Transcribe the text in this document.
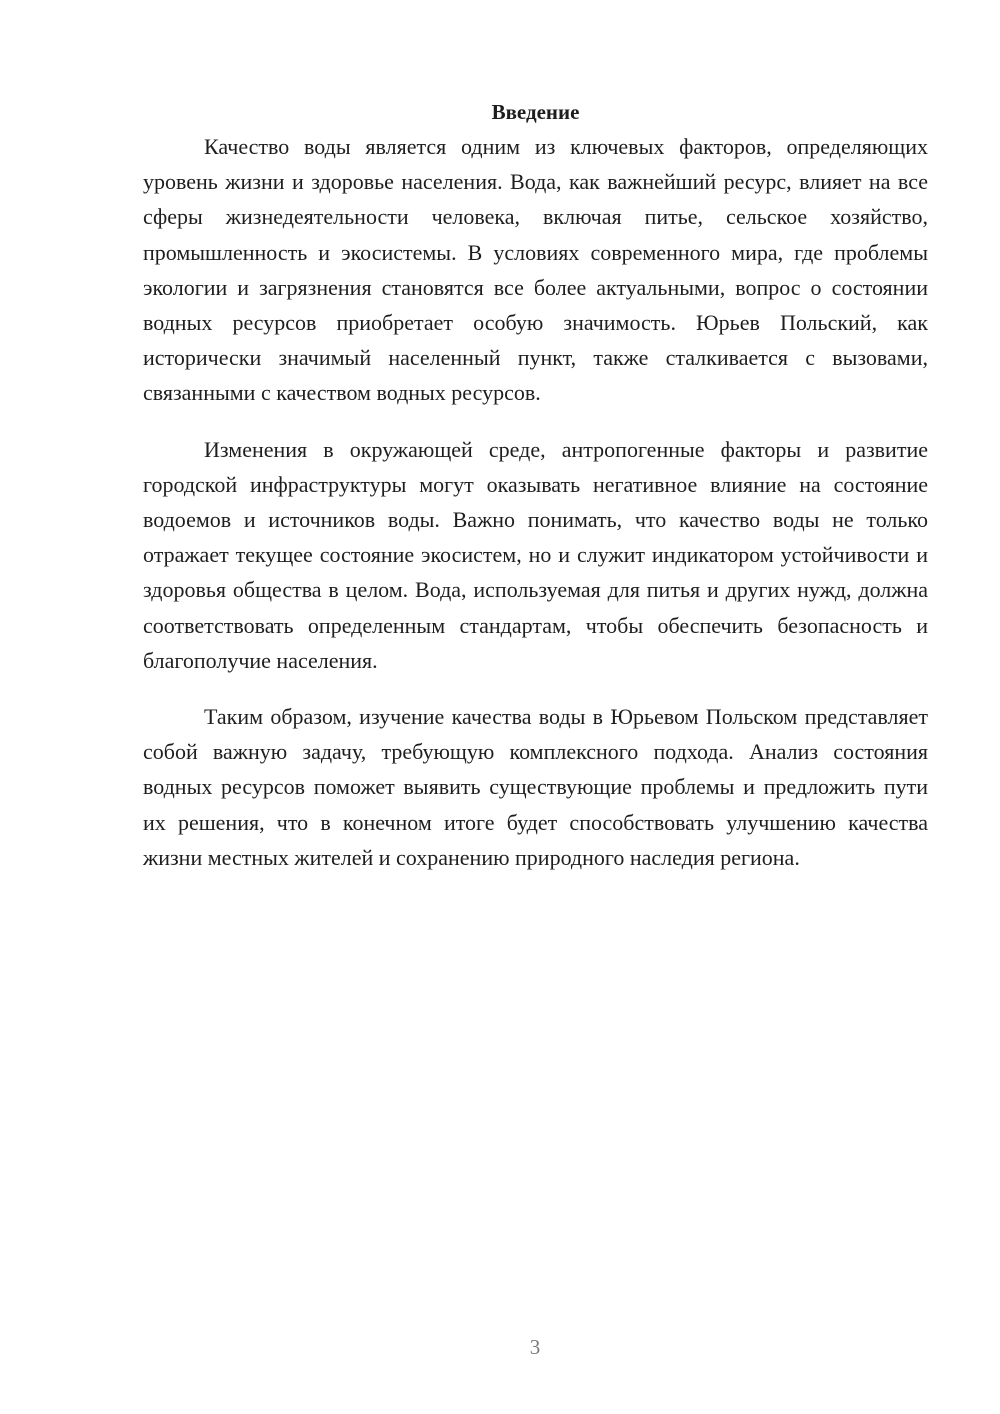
Введение

Качество воды является одним из ключевых факторов, определяющих уровень жизни и здоровье населения. Вода, как важнейший ресурс, влияет на все сферы жизнедеятельности человека, включая питье, сельское хозяйство, промышленность и экосистемы. В условиях современного мира, где проблемы экологии и загрязнения становятся все более актуальными, вопрос о состоянии водных ресурсов приобретает особую значимость. Юрьев Польский, как исторически значимый населенный пункт, также сталкивается с вызовами, связанными с качеством водных ресурсов.

Изменения в окружающей среде, антропогенные факторы и развитие городской инфраструктуры могут оказывать негативное влияние на состояние водоемов и источников воды. Важно понимать, что качество воды не только отражает текущее состояние экосистем, но и служит индикатором устойчивости и здоровья общества в целом. Вода, используемая для питья и других нужд, должна соответствовать определенным стандартам, чтобы обеспечить безопасность и благополучие населения.

Таким образом, изучение качества воды в Юрьевом Польском представляет собой важную задачу, требующую комплексного подхода. Анализ состояния водных ресурсов поможет выявить существующие проблемы и предложить пути их решения, что в конечном итоге будет способствовать улучшению качества жизни местных жителей и сохранению природного наследия региона.

3
